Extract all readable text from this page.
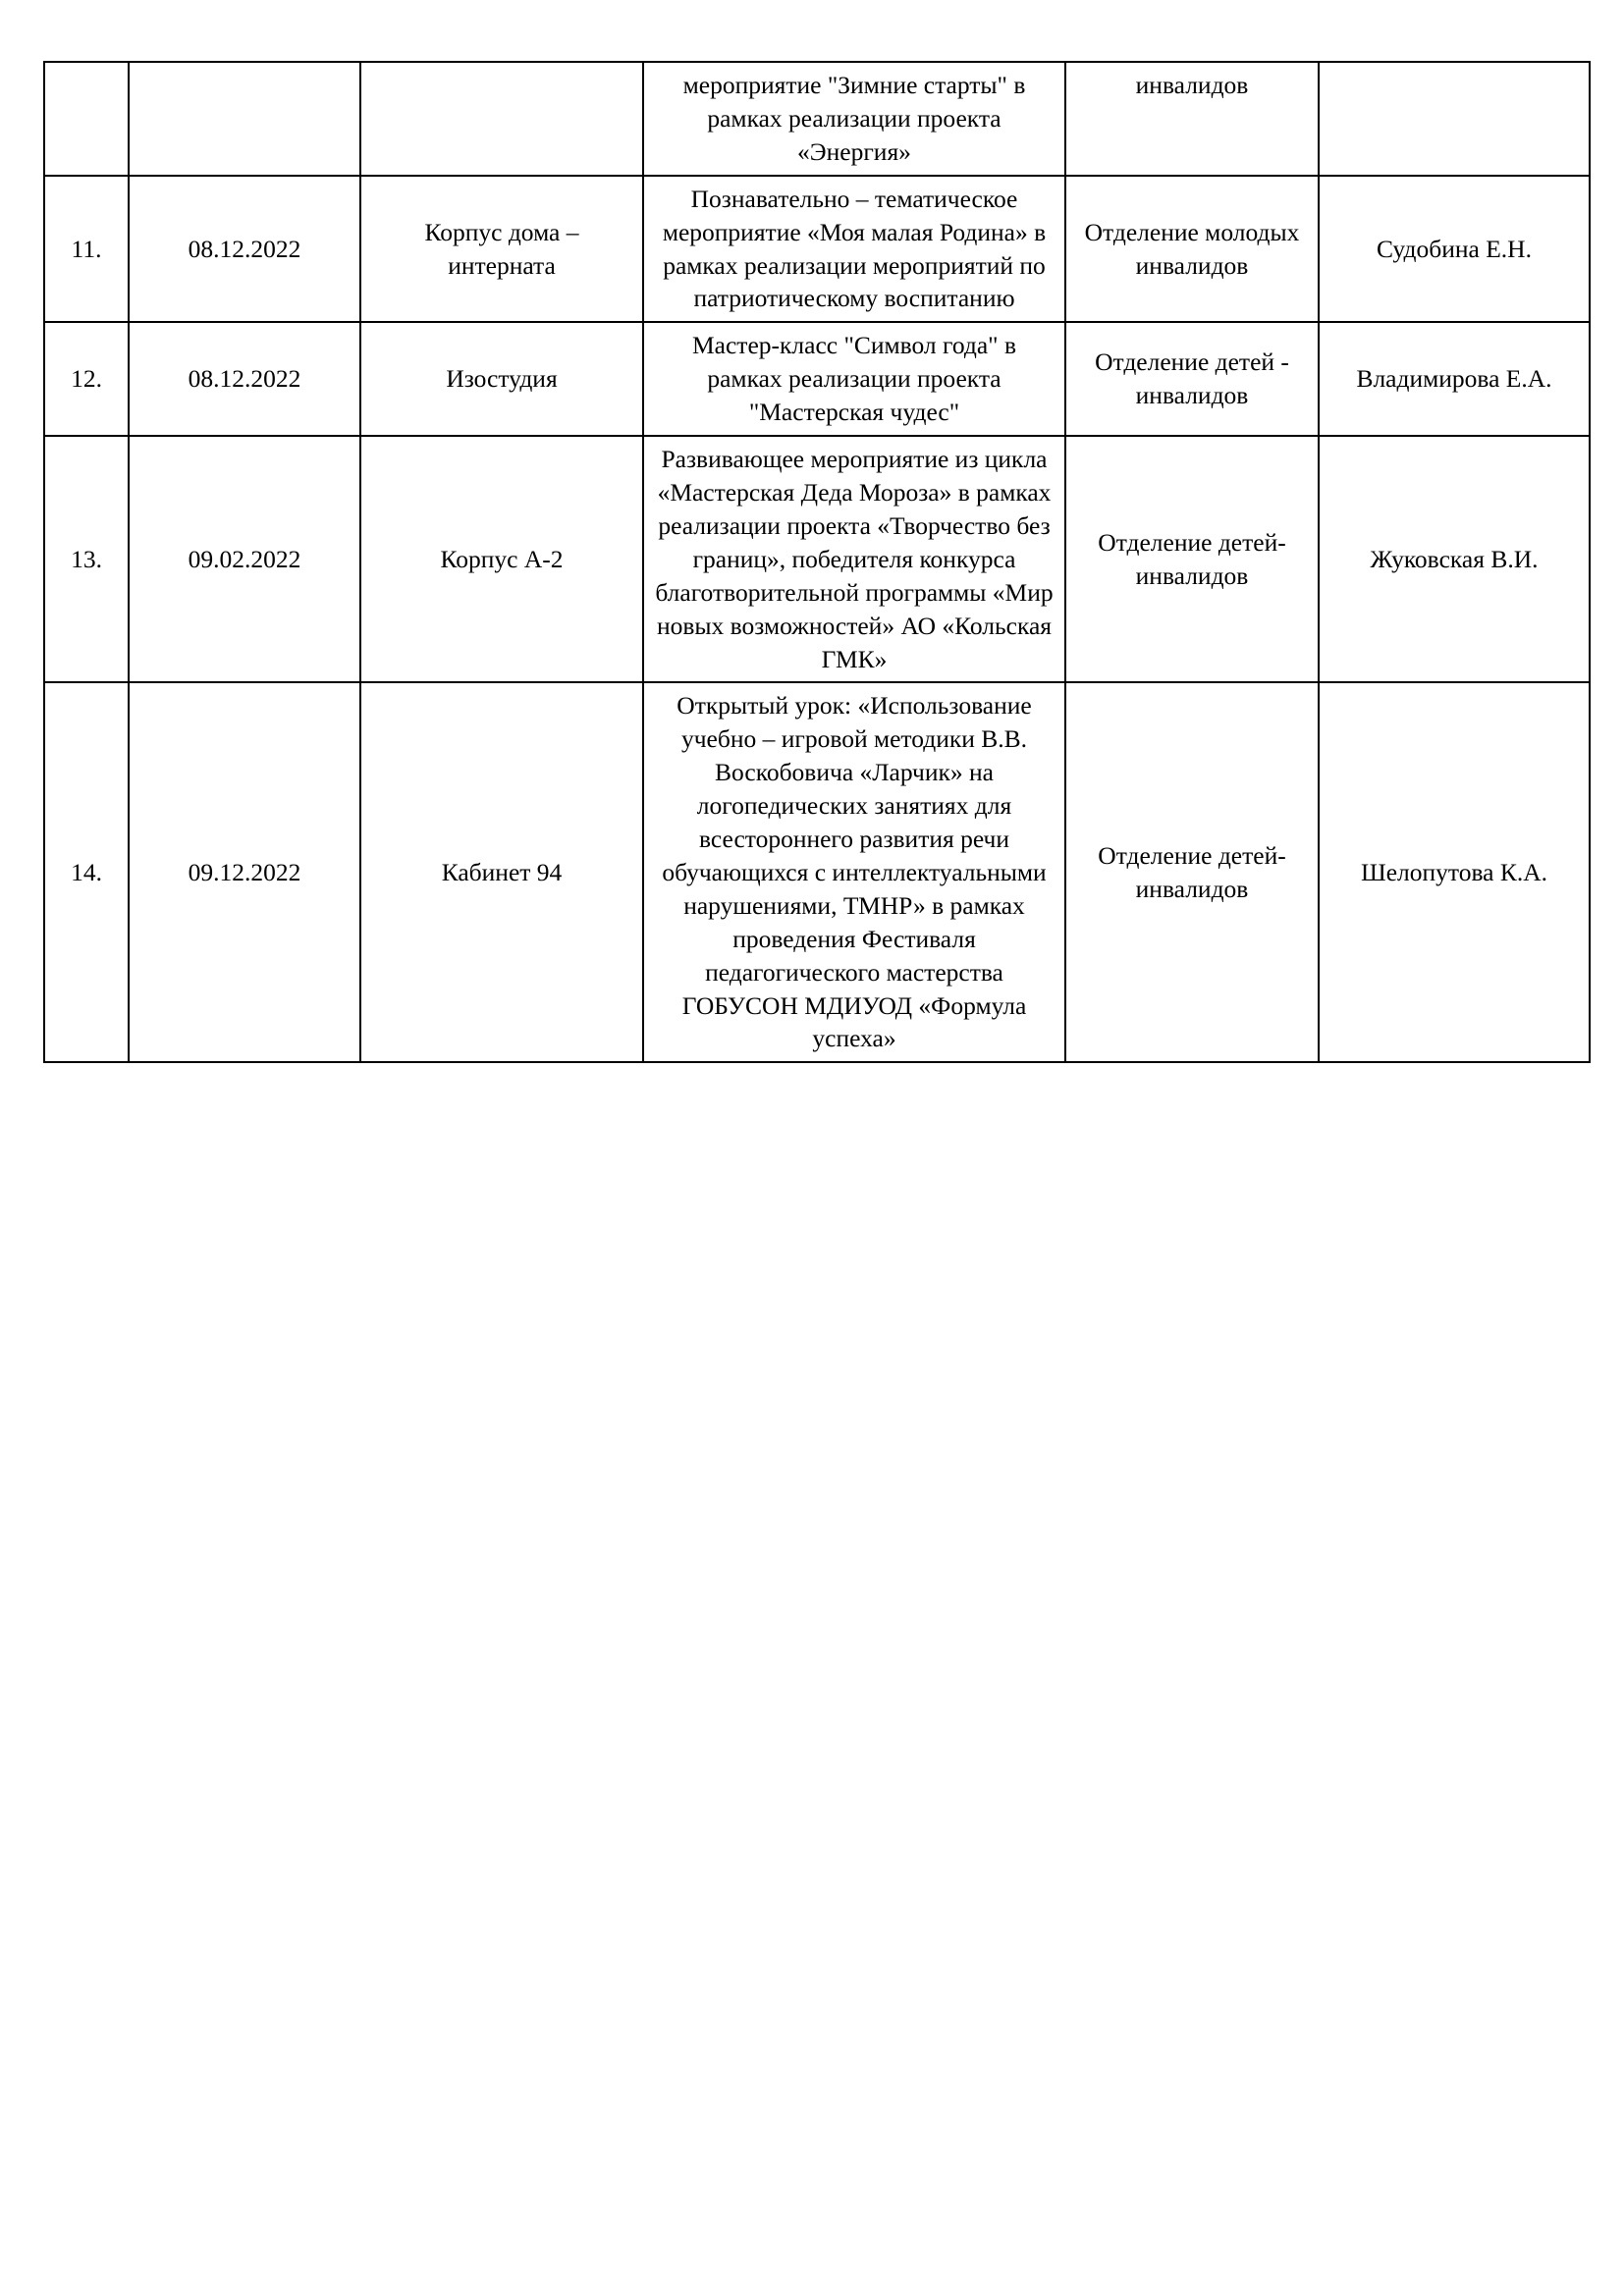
			мероприятие "Зимние старты" в рамках реализации проекта «Энергия»	инвалидов	
11.	08.12.2022	Корпус дома – интерната	Познавательно – тематическое мероприятие «Моя малая Родина» в рамках реализации мероприятий по патриотическому воспитанию	Отделение молодых инвалидов	Судобина Е.Н.
12.	08.12.2022	Изостудия	Мастер-класс "Символ года" в рамках реализации проекта "Мастерская чудес"	Отделение детей - инвалидов	Владимирова Е.А.
13.	09.02.2022	Корпус А-2	Развивающее мероприятие из цикла «Мастерская Деда Мороза» в рамках реализации проекта «Творчество без границ», победителя конкурса благотворительной программы «Мир новых возможностей» АО «Кольская ГМК»	Отделение детей-инвалидов	Жуковская В.И.
14.	09.12.2022	Кабинет 94	Открытый урок: «Использование учебно – игровой методики В.В. Воскобовича «Ларчик» на логопедических занятиях для всестороннего развития речи обучающихся с интеллектуальными нарушениями, ТМНР» в рамках проведения Фестиваля педагогического мастерства ГОБУСОН МДИУОД «Формула успеха»	Отделение детей-инвалидов	Шелопутова К.А.
